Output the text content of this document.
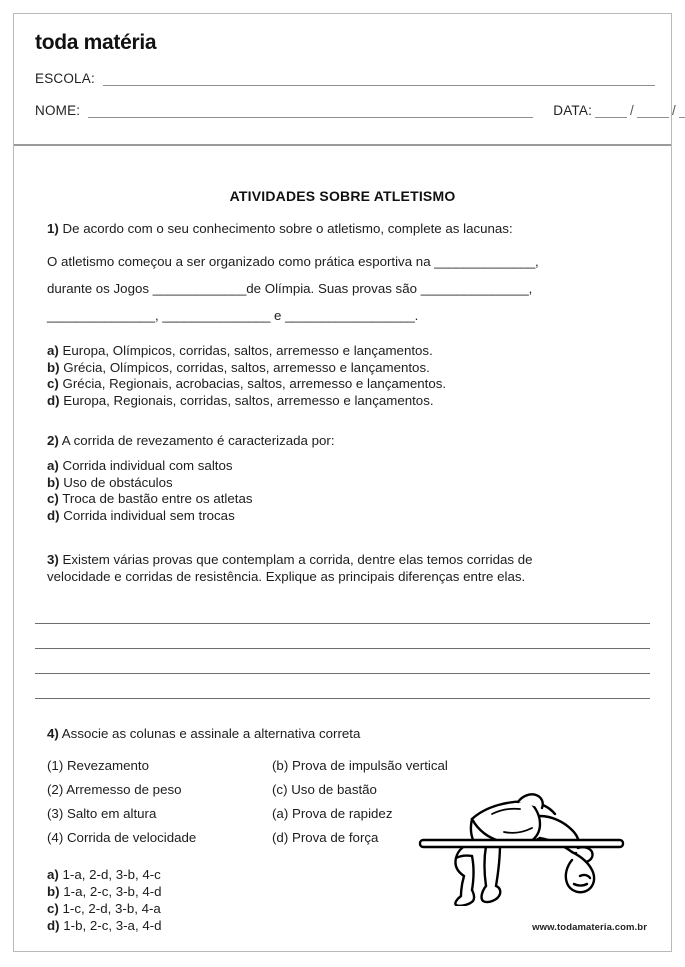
toda matéria
ESCOLA:
NOME:	DATA:	/	/
ATIVIDADES SOBRE ATLETISMO
1) De acordo com o seu conhecimento sobre o atletismo, complete as lacunas:
O atletismo começou a ser organizado como prática esportiva na ______________,
durante os Jogos _____________de Olímpia. Suas provas são _______________,
_______________, _______________ e __________________.
a) Europa, Olímpicos, corridas, saltos, arremesso e lançamentos.
b) Grécia, Olímpicos, corridas, saltos, arremesso e lançamentos.
c) Grécia, Regionais, acrobacias, saltos, arremesso e lançamentos.
d) Europa, Regionais, corridas, saltos, arremesso e lançamentos.
2) A corrida de revezamento é caracterizada por:
a) Corrida individual com saltos
b) Uso de obstáculos
c) Troca de bastão entre os atletas
d) Corrida individual sem trocas
3) Existem várias provas que contemplam a corrida, dentre elas temos corridas de
velocidade e corridas de resistência. Explique as principais diferenças entre elas.
4) Associe as colunas e assinale a alternativa correta
(1) Revezamento	(b) Prova de impulsão vertical
(2) Arremesso de peso	(c) Uso de bastão
(3) Salto em altura	(a) Prova de rapidez
(4) Corrida de velocidade	(d) Prova de força
a) 1-a, 2-d, 3-b, 4-c
b) 1-a, 2-c, 3-b, 4-d
c) 1-c, 2-d, 3-b, 4-a
d) 1-b, 2-c, 3-a, 4-d	www.todamateria.com.br
